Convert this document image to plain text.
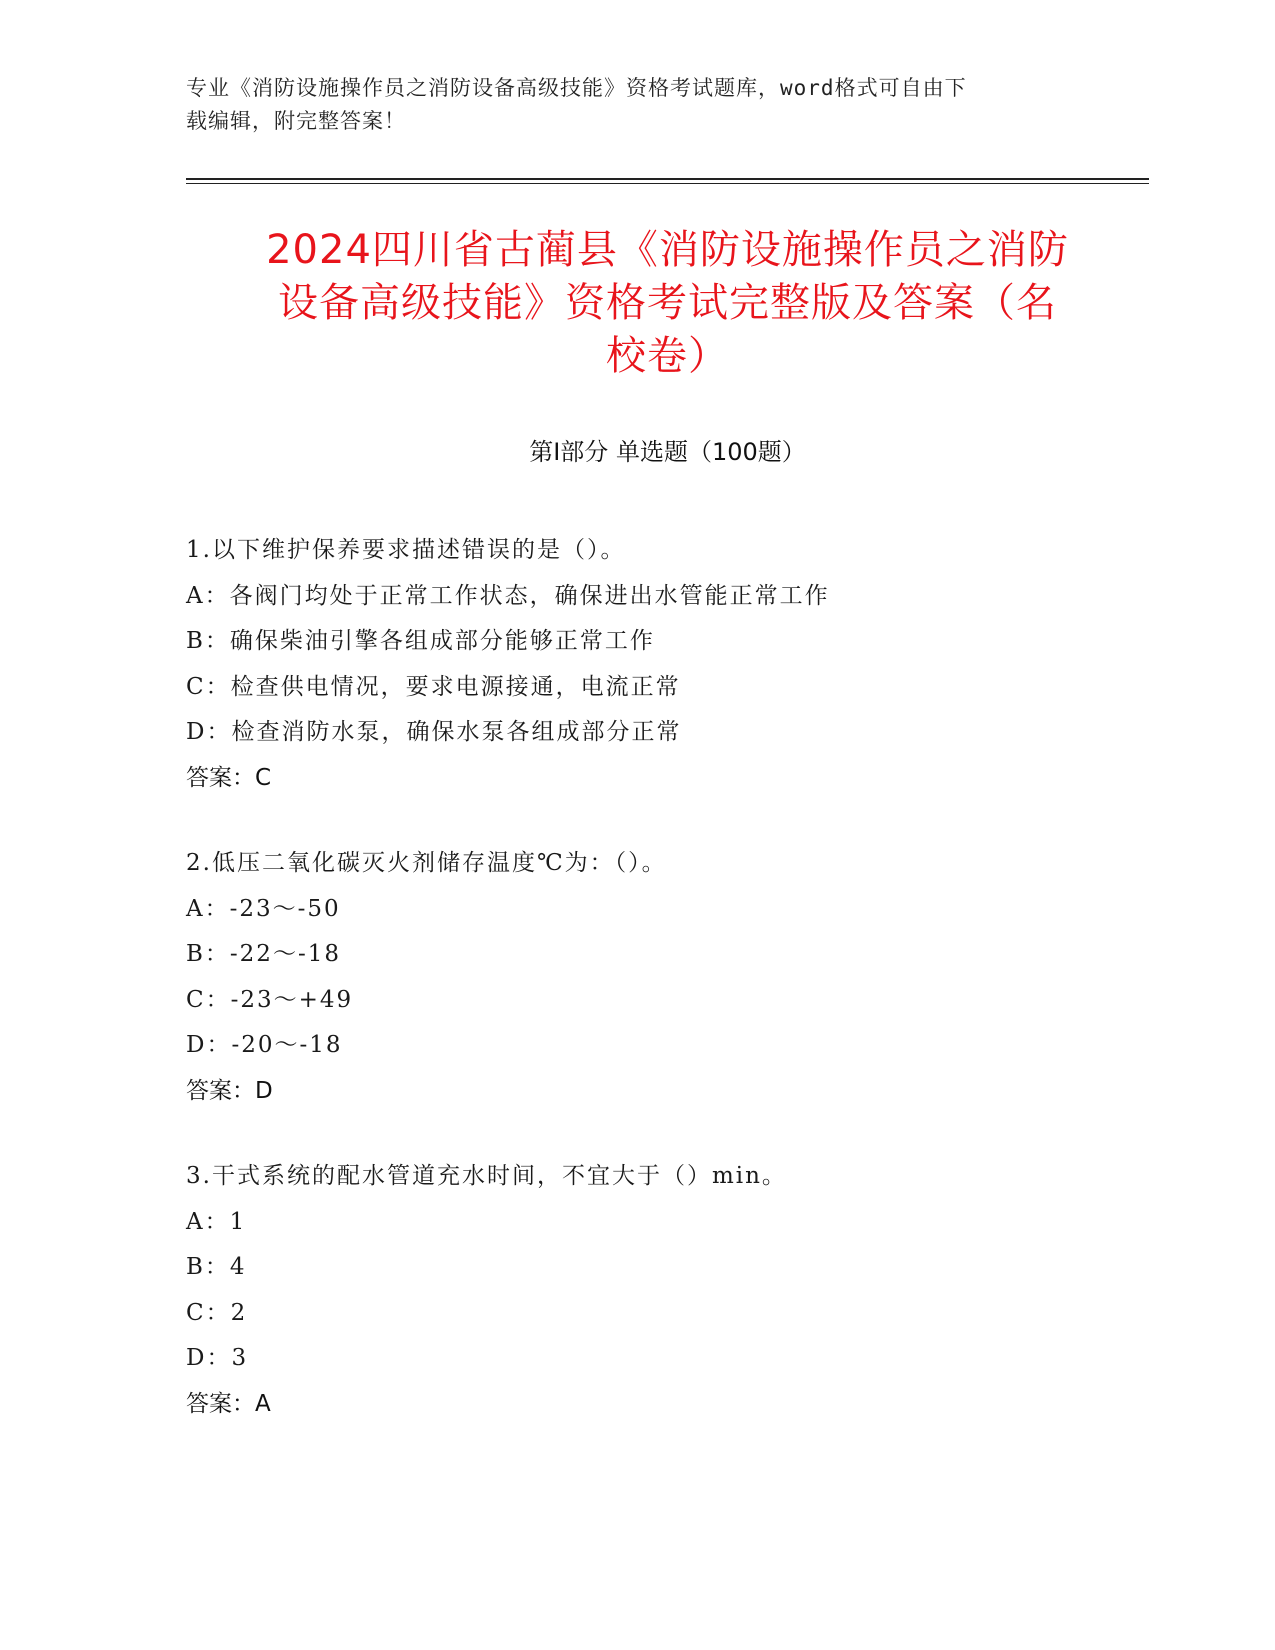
专业《消防设施操作员之消防设备高级技能》资格考试题库，word格式可自由下
载编辑，附完整答案！
2024四川省古蔺县《消防设施操作员之消防
设备高级技能》资格考试完整版及答案（名
校卷）
第Ⅰ部分 单选题（100题）
1.以下维护保养要求描述错误的是（）。
A：各阀门均处于正常工作状态，确保进出水管能正常工作
B：确保柴油引擎各组成部分能够正常工作
C：检查供电情况，要求电源接通，电流正常
D：检查消防水泵，确保水泵各组成部分正常
答案：C
2.低压二氧化碳灭火剂储存温度℃为：（）。
A：-23～-50
B：-22～-18
C：-23～+49
D：-20～-18
答案：D
3.干式系统的配水管道充水时间，不宜大于（）min。
A：1
B：4
C：2
D：3
答案：A
